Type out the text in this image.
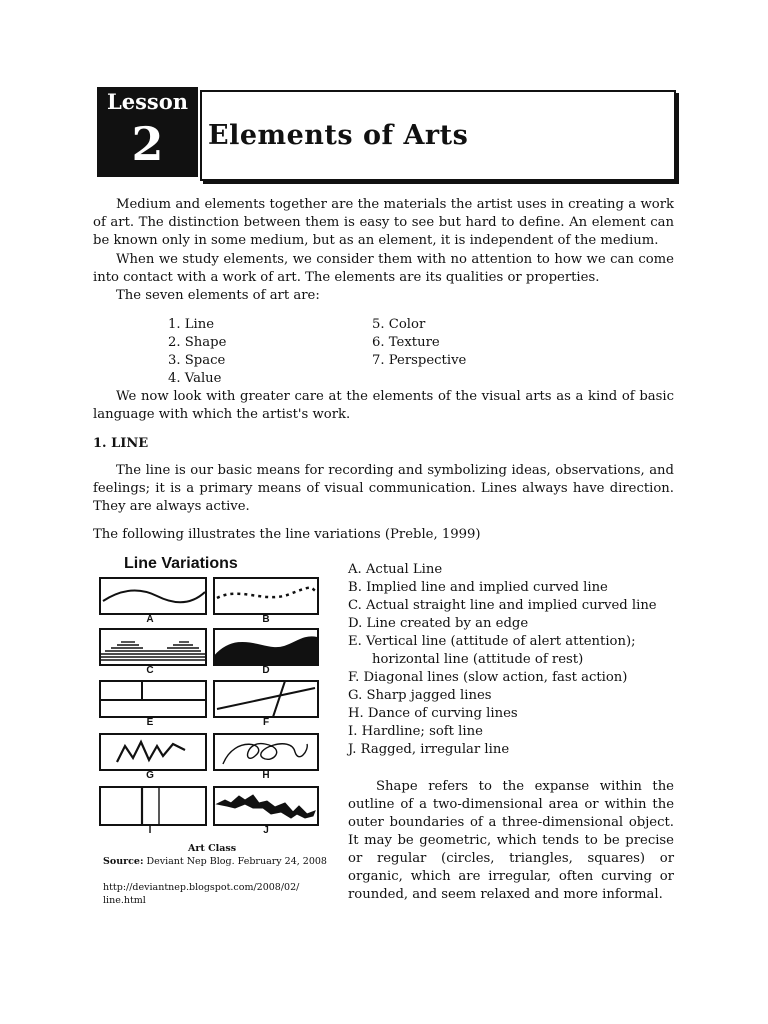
Lesson
2	Elements of Arts
Medium and elements together are the materials the artist uses in creating a work of art. The distinction between them is easy to see but hard to define. An element can be known only in some medium, but as an element, it is independent of the medium.
When we study elements, we consider them with no attention to how we can come into contact with a work of art. The elements are its qualities or properties.
The seven elements of art are:
1. Line
2. Shape
3. Space
4. Value
5. Color
6. Texture
7. Perspective
We now look with greater care at the elements of the visual arts as a kind of basic language with which the artist's work.
1. LINE
The line is our basic means for recording and symbolizing ideas, observations, and feelings; it is a primary means of visual communication. Lines always have direction. They are always active.
The following illustrates the line variations (Preble, 1999)
Line Variations
A	B
C	D
E	F
G	H
I	J
Art Class
Source: Deviant Nep Blog. February 24, 2008
http://deviantnep.blogspot.com/2008/02/
line.html
A. Actual Line
B. Implied line and implied curved line
C. Actual straight line and implied curved line
D. Line created by an edge
E. Vertical line (attitude of alert attention);
horizontal line (attitude of rest)
F. Diagonal lines (slow action, fast action)
G. Sharp jagged lines
H. Dance of curving lines
I. Hardline; soft line
J. Ragged, irregular line
Shape refers to the expanse within the outline of a two-dimensional area or within the outer boundaries of a three-dimensional object. It may be geometric, which tends to be precise or regular (circles, triangles, squares) or organic, which are irregular, often curving or rounded, and seem relaxed and more informal.
